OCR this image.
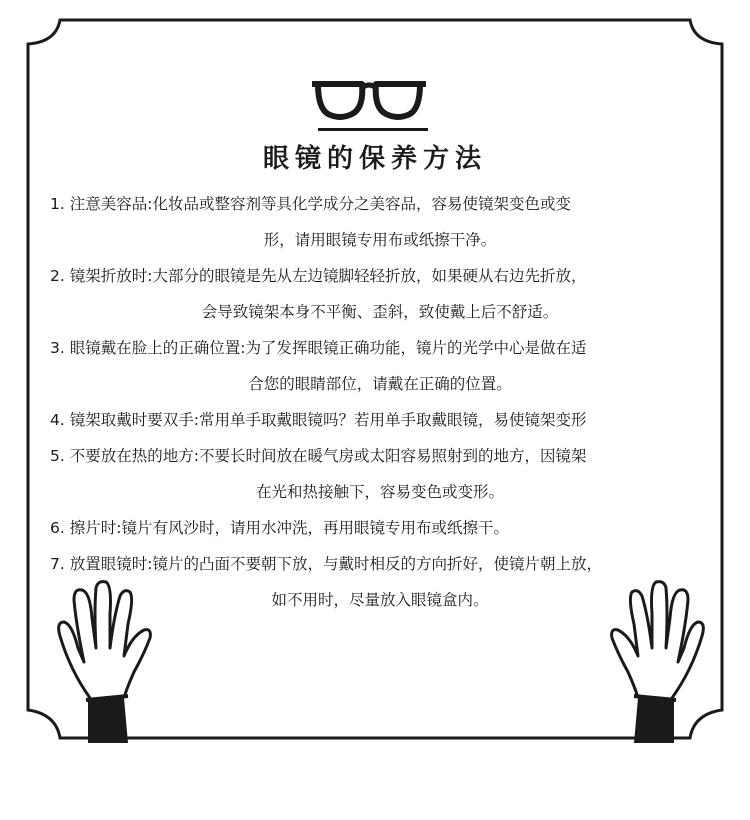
眼镜的保养方法
1. 注意美容品:化妆品或整容剂等具化学成分之美容品，容易使镜架变色或变
形，请用眼镜专用布或纸擦干净。
2. 镜架折放时:大部分的眼镜是先从左边镜脚轻轻折放，如果硬从右边先折放，
会导致镜架本身不平衡、歪斜，致使戴上后不舒适。
3. 眼镜戴在脸上的正确位置:为了发挥眼镜正确功能，镜片的光学中心是做在适
合您的眼睛部位，请戴在正确的位置。
4. 镜架取戴时要双手:常用单手取戴眼镜吗？若用单手取戴眼镜，易使镜架变形
5. 不要放在热的地方:不要长时间放在暖气房或太阳容易照射到的地方，因镜架
在光和热接触下，容易变色或变形。
6. 擦片时:镜片有风沙时，请用水冲洗，再用眼镜专用布或纸擦干。
7. 放置眼镜时:镜片的凸面不要朝下放，与戴时相反的方向折好，使镜片朝上放，
如不用时，尽量放入眼镜盒内。
